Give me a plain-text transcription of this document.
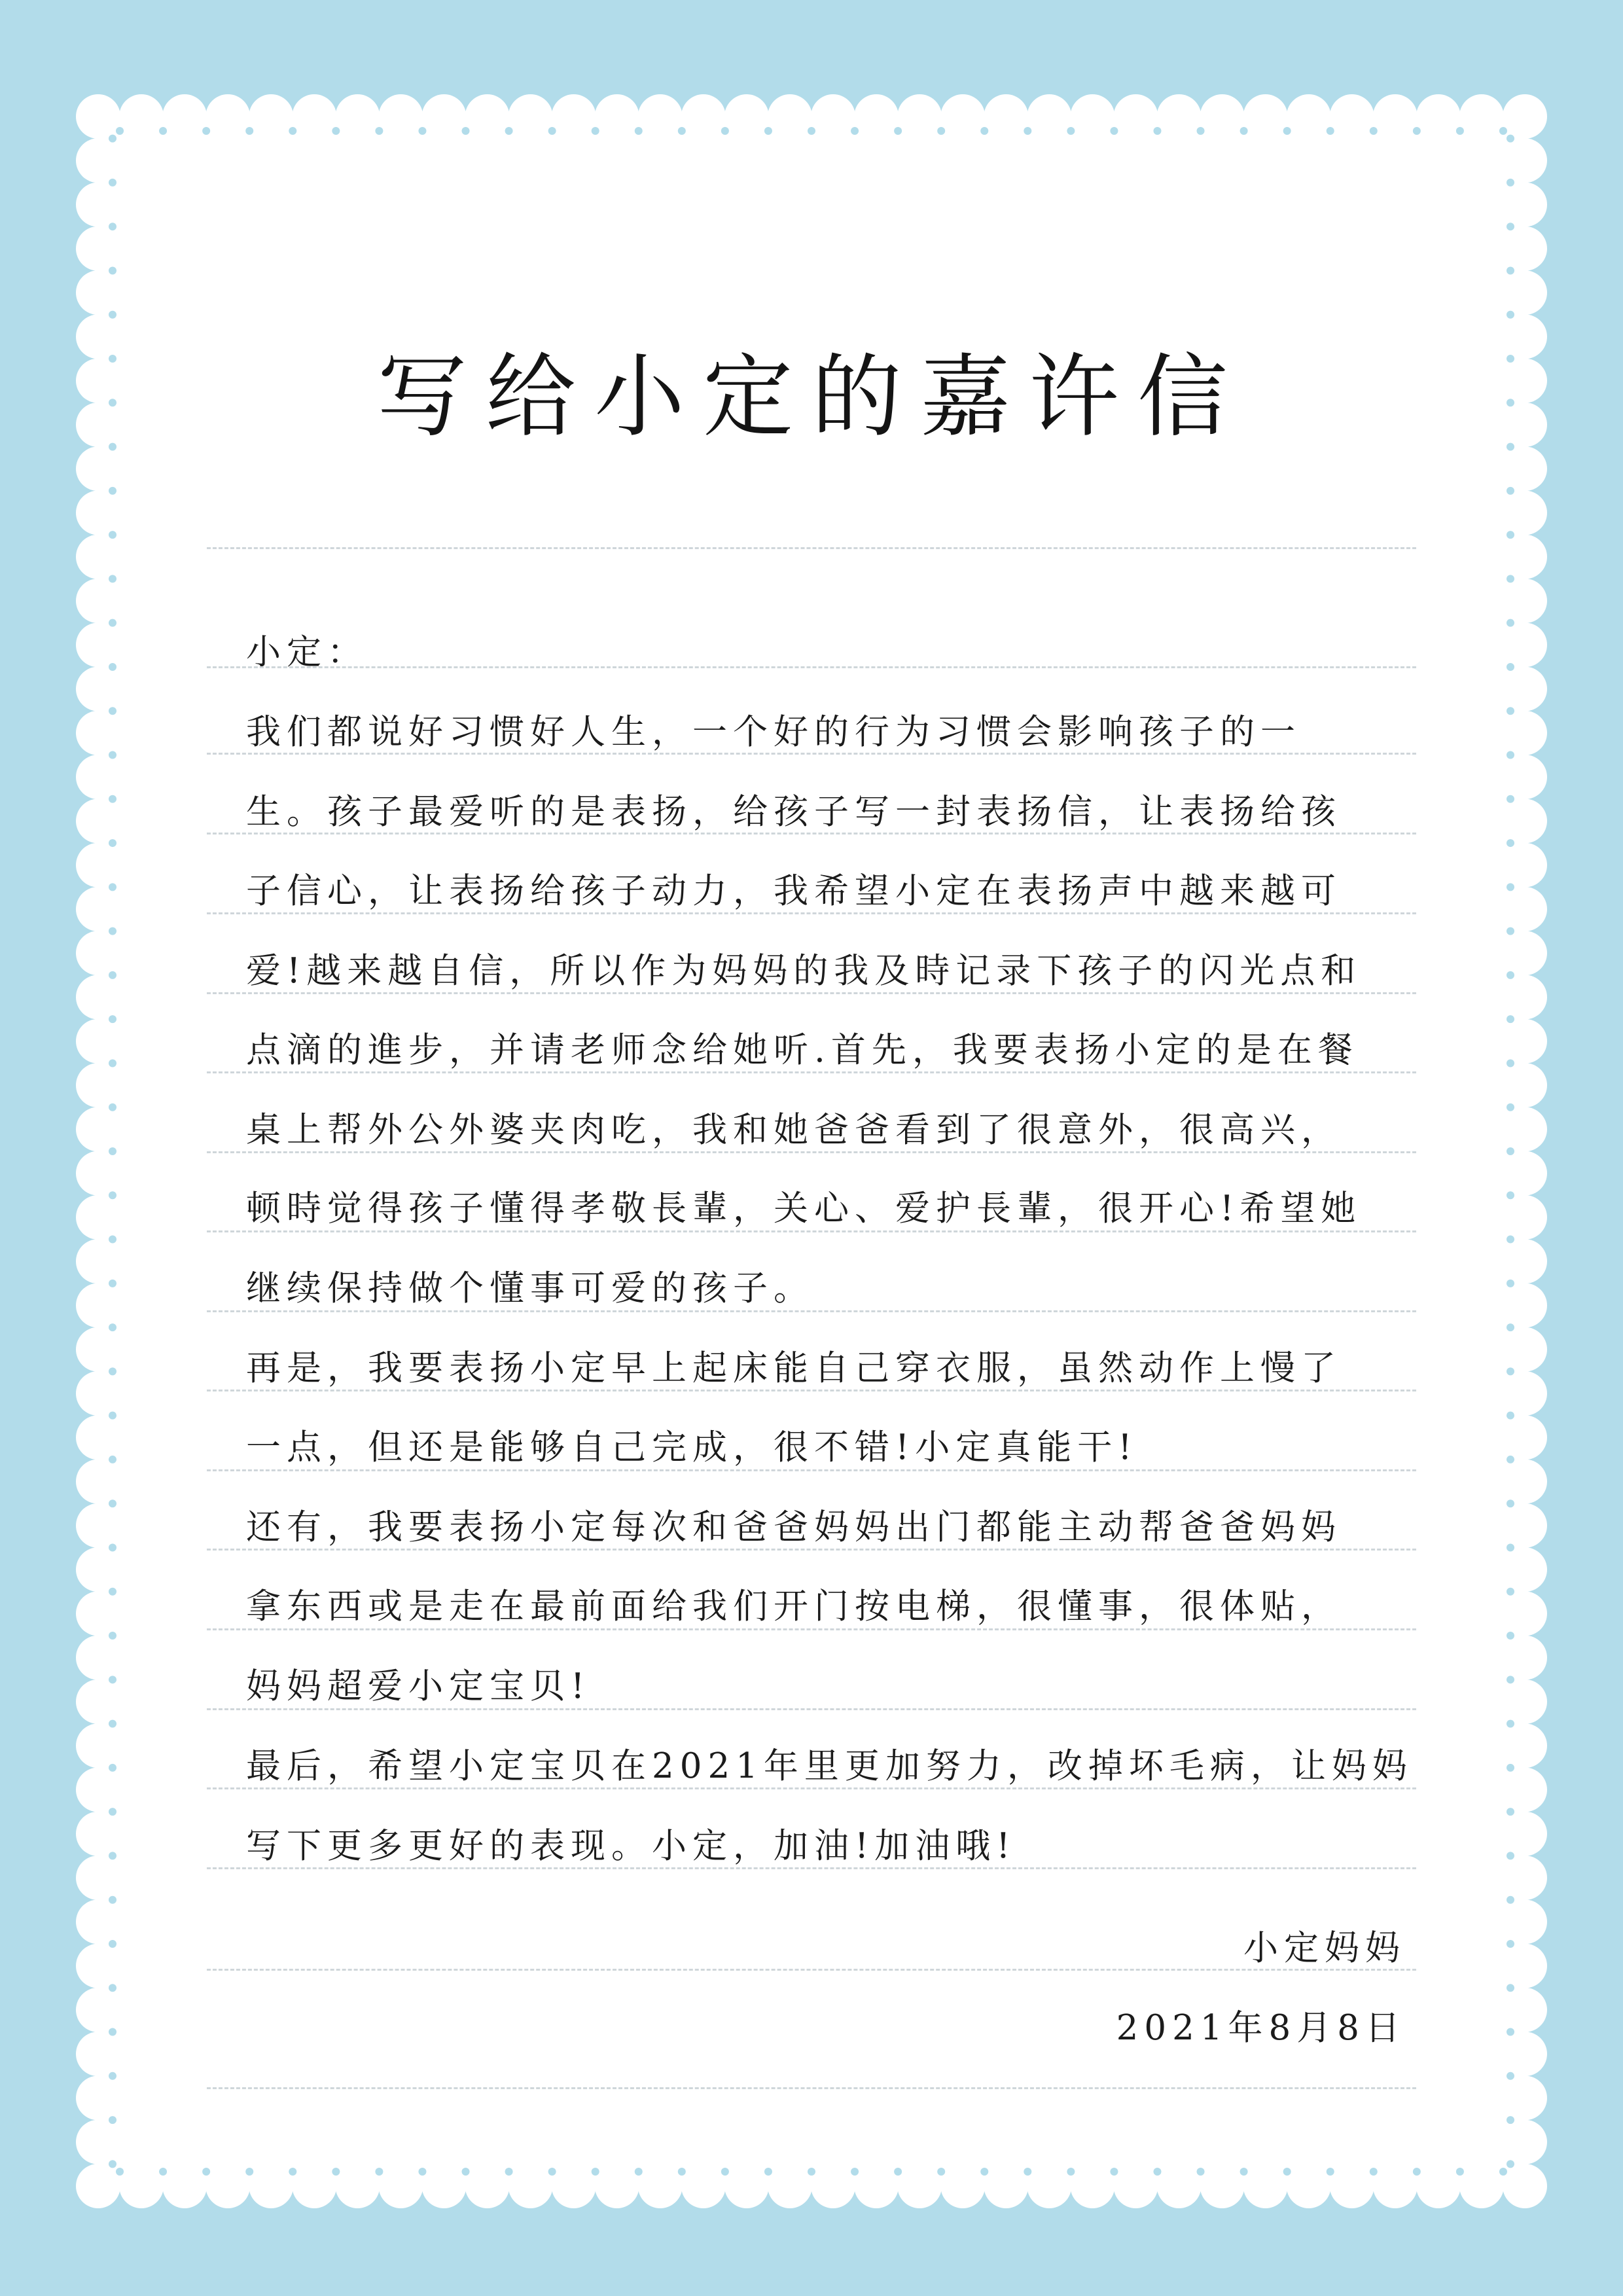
写给小定的嘉许信
小定：
我们都说好习惯好人生，一个好的行为习惯会影响孩子的一
生。孩子最爱听的是表扬，给孩子写一封表扬信，让表扬给孩
子信心，让表扬给孩子动力，我希望小定在表扬声中越来越可
爱!越来越自信，所以作为妈妈的我及時记录下孩子的闪光点和
点滴的進步，并请老师念给她听.首先，我要表扬小定的是在餐
桌上帮外公外婆夹肉吃，我和她爸爸看到了很意外，很高兴，
顿時觉得孩子懂得孝敬長輩，关心、爱护長輩，很开心!希望她
继续保持做个懂事可爱的孩子。
再是，我要表扬小定早上起床能自己穿衣服，虽然动作上慢了
一点，但还是能够自己完成，很不错!小定真能干!
还有，我要表扬小定每次和爸爸妈妈出门都能主动帮爸爸妈妈
拿东西或是走在最前面给我们开门按电梯，很懂事，很体贴，
妈妈超爱小定宝贝!
最后，希望小定宝贝在2021年里更加努力，改掉坏毛病，让妈妈
写下更多更好的表现。小定，加油!加油哦!
小定妈妈
2021年8月8日
